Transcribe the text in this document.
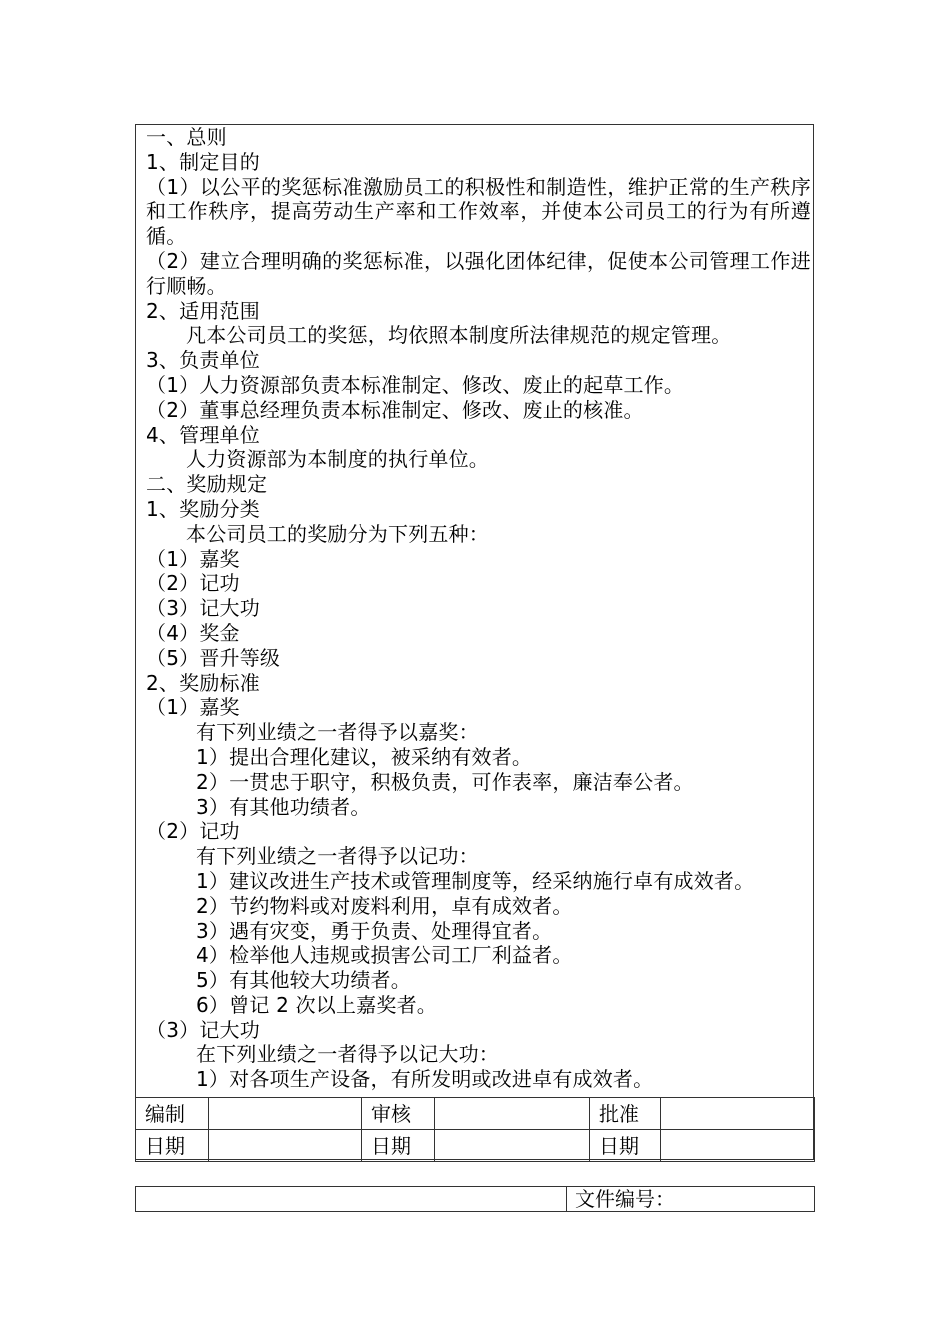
一、总则
1、制定目的
（1）以公平的奖惩标准激励员工的积极性和制造性，维护正常的生产秩序和工作秩序，提高劳动生产率和工作效率，并使本公司员工的行为有所遵循。
（2）建立合理明确的奖惩标准，以强化团体纪律，促使本公司管理工作进行顺畅。
2、适用范围
凡本公司员工的奖惩，均依照本制度所法律规范的规定管理。
3、负责单位
（1）人力资源部负责本标准制定、修改、废止的起草工作。
（2）董事总经理负责本标准制定、修改、废止的核准。
4、管理单位
人力资源部为本制度的执行单位。
二、奖励规定
1、奖励分类
本公司员工的奖励分为下列五种：
（1）嘉奖
（2）记功
（3）记大功
（4）奖金
（5）晋升等级
2、奖励标准
（1）嘉奖
有下列业绩之一者得予以嘉奖：
1）提出合理化建议，被采纳有效者。
2）一贯忠于职守，积极负责，可作表率，廉洁奉公者。
3）有其他功绩者。
（2）记功
有下列业绩之一者得予以记功：
1）建议改进生产技术或管理制度等，经采纳施行卓有成效者。
2）节约物料或对废料利用，卓有成效者。
3）遇有灾变，勇于负责、处理得宜者。
4）检举他人违规或损害公司工厂利益者。
5）有其他较大功绩者。
6）曾记 2 次以上嘉奖者。
（3）记大功
在下列业绩之一者得予以记大功：
1）对各项生产设备，有所发明或改进卓有成效者。
编制		审核		批准	
日期		日期		日期	
文件编号：
